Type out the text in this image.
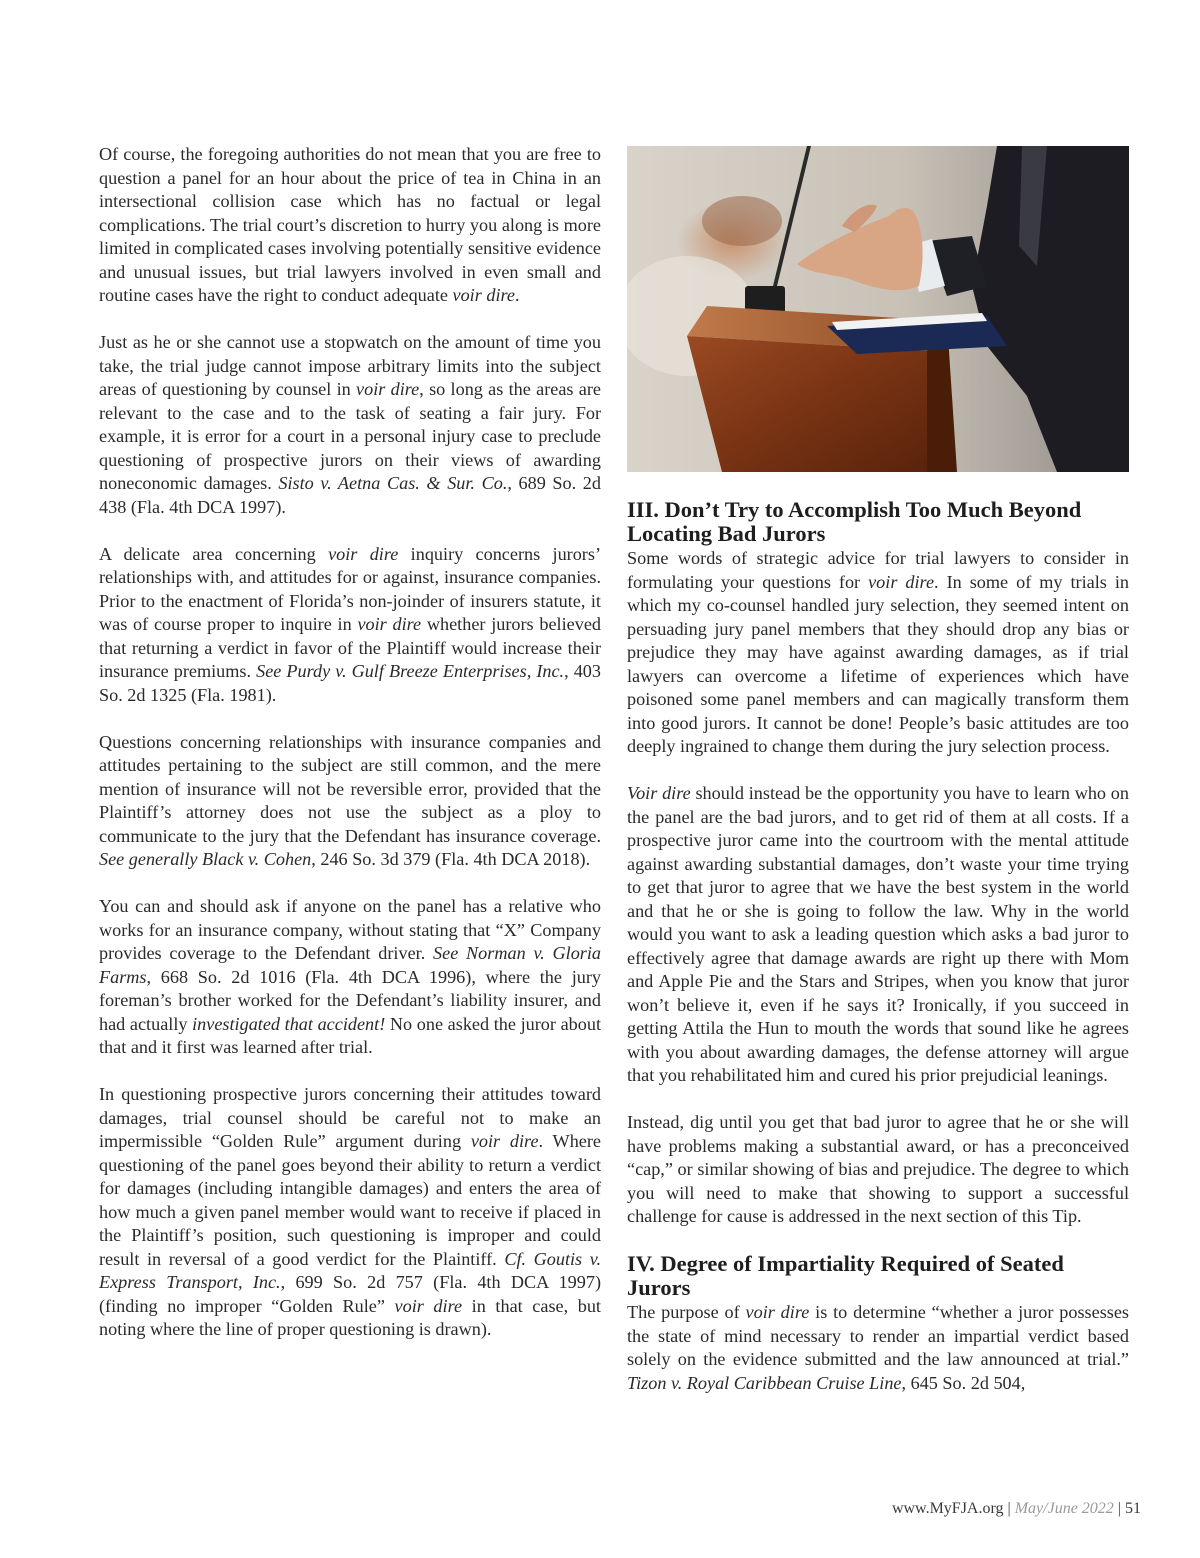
Of course, the foregoing authorities do not mean that you are free to question a panel for an hour about the price of tea in China in an intersectional collision case which has no factual or legal complications. The trial court’s discretion to hurry you along is more limited in complicated cases involving potentially sensitive evidence and unusual issues, but trial lawyers involved in even small and routine cases have the right to conduct adequate voir dire.

Just as he or she cannot use a stopwatch on the amount of time you take, the trial judge cannot impose arbitrary limits into the subject areas of questioning by counsel in voir dire, so long as the areas are relevant to the case and to the task of seating a fair jury. For example, it is error for a court in a personal injury case to preclude questioning of prospective jurors on their views of awarding noneconomic damages. Sisto v. Aetna Cas. & Sur. Co., 689 So. 2d 438 (Fla. 4th DCA 1997).

A delicate area concerning voir dire inquiry concerns jurors’ relationships with, and attitudes for or against, insurance companies. Prior to the enactment of Florida’s non-joinder of insurers statute, it was of course proper to inquire in voir dire whether jurors believed that returning a verdict in favor of the Plaintiff would increase their insurance premiums. See Purdy v. Gulf Breeze Enterprises, Inc., 403 So. 2d 1325 (Fla. 1981).

Questions concerning relationships with insurance companies and attitudes pertaining to the subject are still common, and the mere mention of insurance will not be reversible error, provided that the Plaintiff’s attorney does not use the subject as a ploy to communicate to the jury that the Defendant has insurance coverage. See generally Black v. Cohen, 246 So. 3d 379 (Fla. 4th DCA 2018).

You can and should ask if anyone on the panel has a relative who works for an insurance company, without stating that “X” Company provides coverage to the Defendant driver. See Norman v. Gloria Farms, 668 So. 2d 1016 (Fla. 4th DCA 1996), where the jury foreman’s brother worked for the Defendant’s liability insurer, and had actually investigated that accident! No one asked the juror about that and it first was learned after trial.

In questioning prospective jurors concerning their attitudes toward damages, trial counsel should be careful not to make an impermissible “Golden Rule” argument during voir dire. Where questioning of the panel goes beyond their ability to return a verdict for damages (including intangible damages) and enters the area of how much a given panel member would want to receive if placed in the Plaintiff’s position, such questioning is improper and could result in reversal of a good verdict for the Plaintiff. Cf. Goutis v. Express Transport, Inc., 699 So. 2d 757 (Fla. 4th DCA 1997) (finding no improper “Golden Rule” voir dire in that case, but noting where the line of proper questioning is drawn).

III. Don’t Try to Accomplish Too Much Beyond Locating Bad Jurors

Some words of strategic advice for trial lawyers to consider in formulating your questions for voir dire. In some of my trials in which my co-counsel handled jury selection, they seemed intent on persuading jury panel members that they should drop any bias or prejudice they may have against awarding damages, as if trial lawyers can overcome a lifetime of experiences which have poisoned some panel members and can magically transform them into good jurors. It cannot be done! People’s basic attitudes are too deeply ingrained to change them during the jury selection process.

Voir dire should instead be the opportunity you have to learn who on the panel are the bad jurors, and to get rid of them at all costs. If a prospective juror came into the courtroom with the mental attitude against awarding substantial damages, don’t waste your time trying to get that juror to agree that we have the best system in the world and that he or she is going to follow the law. Why in the world would you want to ask a leading question which asks a bad juror to effectively agree that damage awards are right up there with Mom and Apple Pie and the Stars and Stripes, when you know that juror won’t believe it, even if he says it? Ironically, if you succeed in getting Attila the Hun to mouth the words that sound like he agrees with you about awarding damages, the defense attorney will argue that you rehabilitated him and cured his prior prejudicial leanings.

Instead, dig until you get that bad juror to agree that he or she will have problems making a substantial award, or has a preconceived “cap,” or similar showing of bias and prejudice. The degree to which you will need to make that showing to support a successful challenge for cause is addressed in the next section of this Tip.

IV. Degree of Impartiality Required of Seated Jurors

The purpose of voir dire is to determine “whether a juror possesses the state of mind necessary to render an impartial verdict based solely on the evidence submitted and the law announced at trial.” Tizon v. Royal Caribbean Cruise Line, 645 So. 2d 504,

www.MyFJA.org | May/June 2022 | 51
